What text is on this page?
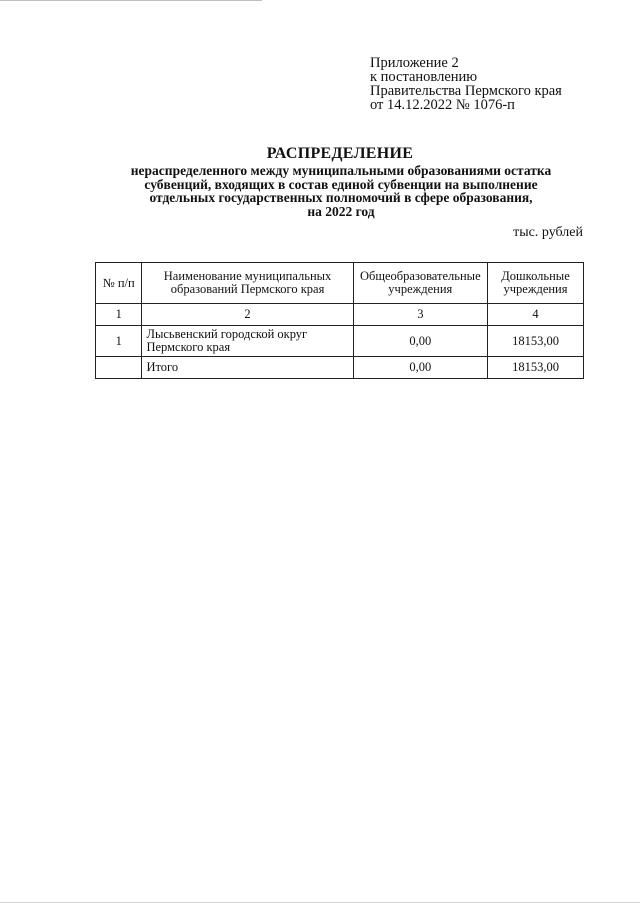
Приложение 2
к постановлению
Правительства Пермского края
от 14.12.2022 № 1076-п
РАСПРЕДЕЛЕНИЕ
нераспределенного между муниципальными образованиями остатка
субвенций, входящих в состав единой субвенции на выполнение
отдельных государственных полномочий в сфере образования,
на 2022 год
тыс. рублей
№ п/п	Наименование муниципальных образований Пермского края	Общеобразовательные учреждения	Дошкольные учреждения
1	2	3	4
1	Лысьвенский городской округ Пермского края	0,00	18153,00
	Итого	0,00	18153,00
